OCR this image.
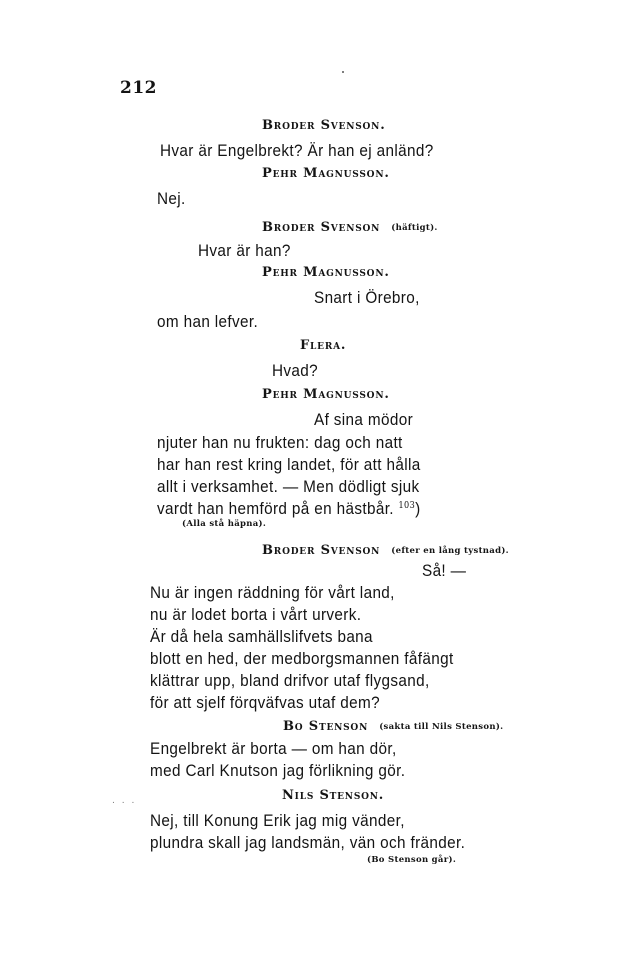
. . .
212
Broder Svenson.
Hvar är Engelbrekt? Är han ej anländ?
Pehr Magnusson.
Nej.
Broder Svenson (häftigt).
Hvar är han?
Pehr Magnusson.
Snart i Örebro,
om han lefver.
Flera.
Hvad?
Pehr Magnusson.
Af sina mödor
njuter han nu frukten: dag och natt
har han rest kring landet, för att hålla
allt i verksamhet. — Men dödligt sjuk
vardt han hemförd på en hästbår. $^{103}$)
(Alla stå häpna).
Broder Svenson (efter en lång tystnad).
Så! —
Nu är ingen räddning för vårt land,
nu är lodet borta i vårt urverk.
Är då hela samhällslifvets bana
blott en hed, der medborgsmannen fåfängt
klättrar upp, bland drifvor utaf flygsand,
för att sjelf förqväfvas utaf dem?
Bo Stenson (sakta till Nils Stenson).
Engelbrekt är borta — om han dör,
med Carl Knutson jag förlikning gör.
Nils Stenson.
Nej, till Konung Erik jag mig vänder,
plundra skall jag landsmän, vän och fränder.
(Bo Stenson går).
